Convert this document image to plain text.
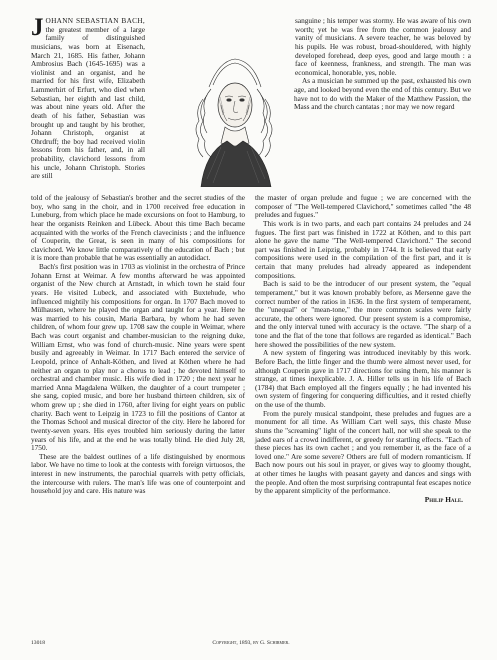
J OHANN SEBASTIAN BACH, the greatest member of a large family of distinguished musicians, was born at Eisenach, March 21, 1685. His father, Johann Ambrosius Bach (1645-1695) was a violinist and an organist, and he married for his first wife, Elizabeth Lammerhirt of Erfurt, who died when Sebastian, her eighth and last child, was about nine years old. After the death of his father, Sebastian was brought up and taught by his brother, Johann Christoph, organist at Ohrdruff; the boy had received violin lessons from his father, and, in all probability, clavichord lessons from his uncle, Johann Christoph. Stories are still

sanguine ; his temper was stormy. He was aware of his own worth; yet he was free from the common jealousy and vanity of musicians. A severe teacher, he was beloved by his pupils. He was robust, broad-shouldered, with highly developed forehead, deep eyes, good and large mouth : a face of keenness, frankness, and strength. The man was economical, honorable, yes, noble.

As a musician he summed up the past, exhausted his own age, and looked beyond even the end of this century. But we have not to do with the Maker of the Matthew Passion, the Mass and the church cantatas ; nor may we now regard

told of the jealousy of Sebastian's brother and the secret studies of the boy, who sang in the choir, and in 1700 received free education in Luneburg, from which place he made excursions on foot to Hamburg, to hear the organists Reinken and Lübeck. About this time Bach became acquainted with the works of the French clavecinists ; and the influence of Couperin, the Great, is seen in many of his compositions for clavichord. We know little comparatively of the education of Bach ; but it is more than probable that he was essentially an autodidact.

Bach's first position was in 1703 as violinist in the orchestra of Prince Johann Ernst at Weimar. A few months afterward he was appointed organist of the New church at Arnstadt, in which town he staid four years. He visited Lubeck, and associated with Buxtehude, who influenced mightily his compositions for organ. In 1707 Bach moved to Mülhausen, where he played the organ and taught for a year. Here he was married to his cousin, Maria Barbara, by whom he had seven children, of whom four grew up. 1708 saw the couple in Weimar, where Bach was court organist and chamber-musician to the reigning duke, William Ernst, who was fond of church-music. Nine years were spent busily and agreeably in Weimar. In 1717 Bach entered the service of Leopold, prince of Anhalt-Köthen, and lived at Köthen where he had neither an organ to play nor a chorus to lead ; he devoted himself to orchestral and chamber music. His wife died in 1720 ; the next year he married Anna Magdalena Wülken, the daughter of a court trumpeter ; she sang, copied music, and bore her husband thirteen children, six of whom grew up ; she died in 1760, after living for eight years on public charity. Bach went to Leipzig in 1723 to fill the positions of Cantor at the Thomas School and musical director of the city. Here he labored for twenty-seven years. His eyes troubled him seriously during the latter years of his life, and at the end he was totally blind. He died July 28, 1750.

These are the baldest outlines of a life distinguished by enormous labor. We have no time to look at the contests with foreign virtuosos, the interest in new instruments, the parochial quarrels with petty officials, the intercourse with rulers. The man's life was one of counterpoint and household joy and care. His nature was

the master of organ prelude and fugue ; we are concerned with the composer of "The Well-tempered Clavichord," sometimes called "the 48 preludes and fugues."

This work is in two parts, and each part contains 24 preludes and 24 fugues. The first part was finished in 1722 at Köthen, and to this part alone he gave the name "The Well-tempered Clavichord." The second part was finished in Leipzig, probably in 1744. It is believed that early compositions were used in the compilation of the first part, and it is certain that many preludes had already appeared as independent compositions.

Bach is said to be the introducer of our present system, the "equal temperament," but it was known probably before, as Mersenne gave the correct number of the ratios in 1636. In the first system of temperament, the "unequal" or "mean-tone," the more common scales were fairly accurate, the others were ignored. Our present system is a compromise, and the only interval tuned with accuracy is the octave. "The sharp of a tone and the flat of the tone that follows are regarded as identical." Bach here showed the possibilities of the new system.

A new system of fingering was introduced inevitably by this work. Before Bach, the little finger and the thumb were almost never used, for although Couperin gave in 1717 directions for using them, his manner is strange, at times inexplicable. J. A. Hiller tells us in his life of Bach (1784) that Bach employed all the fingers equally ; he had invented his own system of fingering for conquering difficulties, and it rested chiefly on the use of the thumb.

From the purely musical standpoint, these preludes and fugues are a monument for all time. As William Cart well says, this chaste Muse shuns the "screaming" light of the concert hall, nor will she speak to the jaded ears of a crowd indifferent, or greedy for startling effects. "Each of these pieces has its own cachet ; and you remember it, as the face of a loved one." Are some severe? Others are full of modern romanticism. If Bach now pours out his soul in prayer, or gives way to gloomy thought, at other times he laughs with peasant gayety and dances and sings with the people. And often the most surprising contrapuntal feat escapes notice by the apparent simplicity of the performance.

Philip Hale.
13018	Copyright, 1893, by G. Schirmer.
